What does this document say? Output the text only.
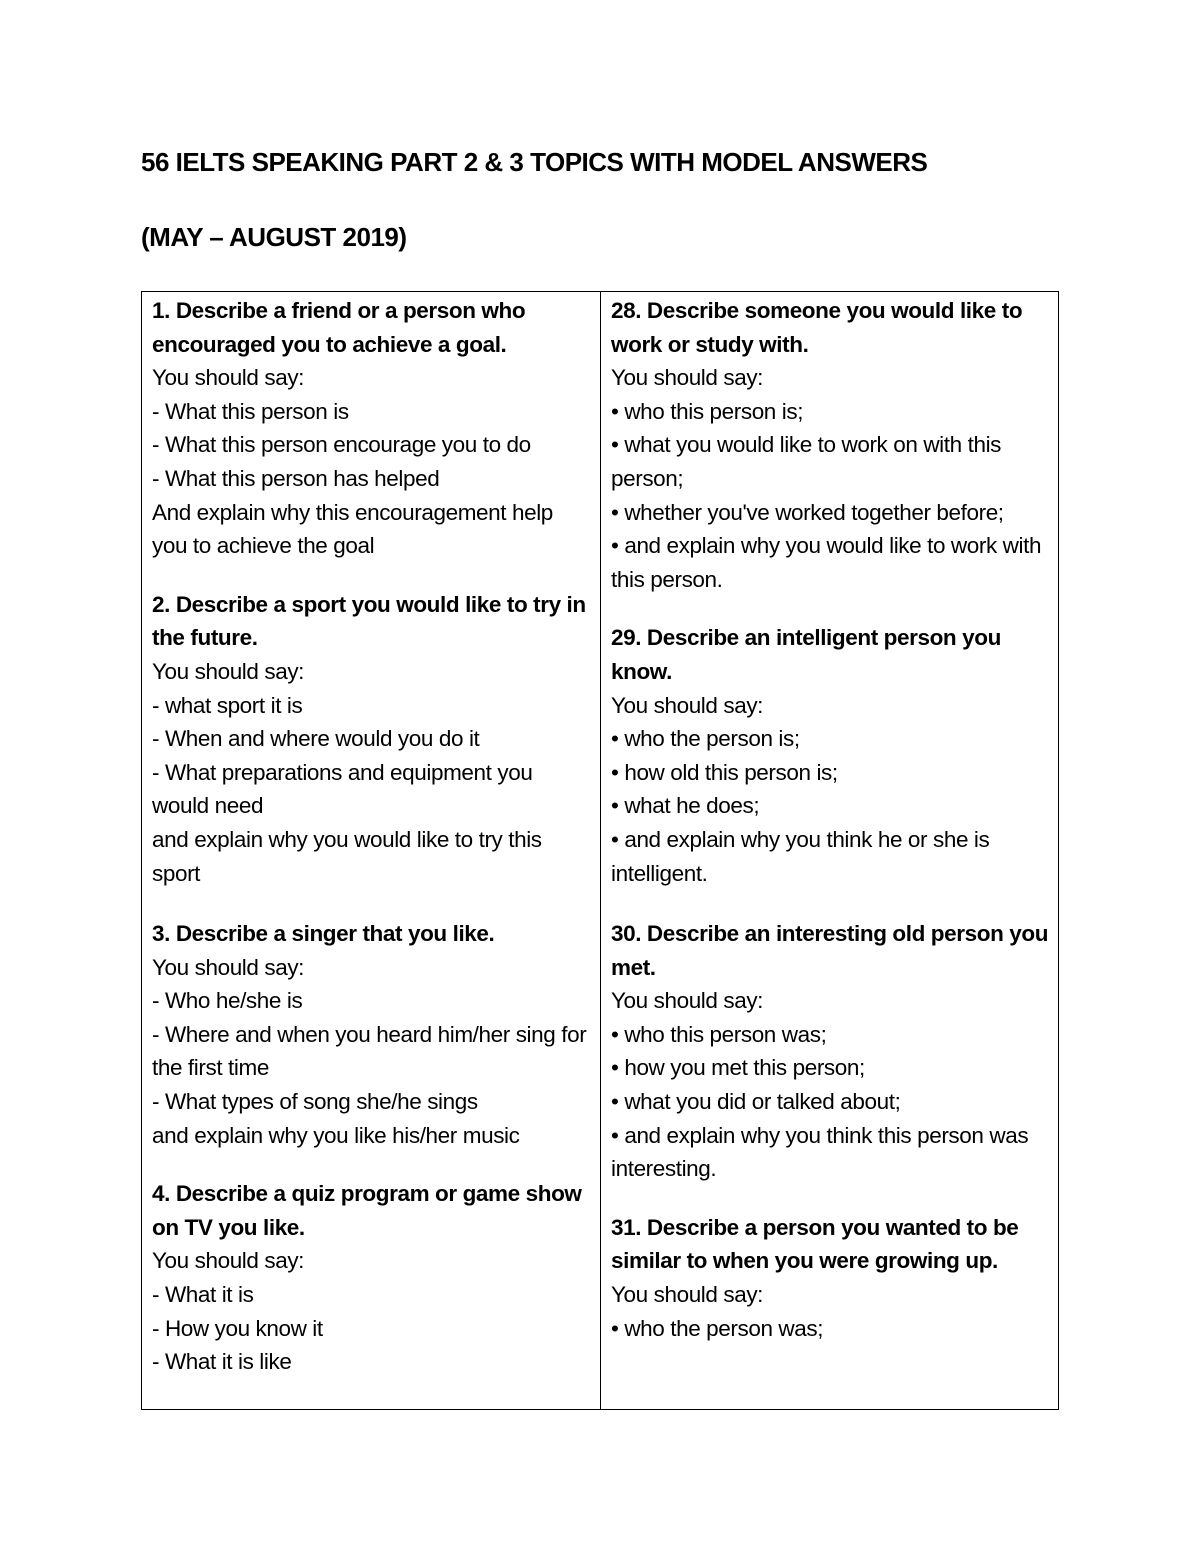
56 IELTS SPEAKING PART 2 & 3 TOPICS WITH MODEL ANSWERS
(MAY – AUGUST 2019)

1. Describe a friend or a person who encouraged you to achieve a goal.

You should say:

- What this person is

- What this person encourage you to do

- What this person has helped

And explain why this encouragement help you to achieve the goal

2. Describe a sport you would like to try in the future.

You should say:

- what sport it is

- When and where would you do it

- What preparations and equipment you would need

and explain why you would like to try this sport

3. Describe a singer that you like.

You should say:

- Who he/she is

- Where and when you heard him/her sing for the first time

- What types of song she/he sings

and explain why you like his/her music

4. Describe a quiz program or game show on TV you like.

You should say:

- What it is

- How you know it

- What it is like

28. Describe someone you would like to work or study with.

You should say:

• who this person is;

• what you would like to work on with this person;

• whether you've worked together before;

• and explain why you would like to work with this person.

29. Describe an intelligent person you know.

You should say:

• who the person is;

• how old this person is;

• what he does;

• and explain why you think he or she is intelligent.

30. Describe an interesting old person you met.

You should say:

• who this person was;

• how you met this person;

• what you did or talked about;

• and explain why you think this person was interesting.

31. Describe a person you wanted to be similar to when you were growing up.

You should say:

• who the person was;
